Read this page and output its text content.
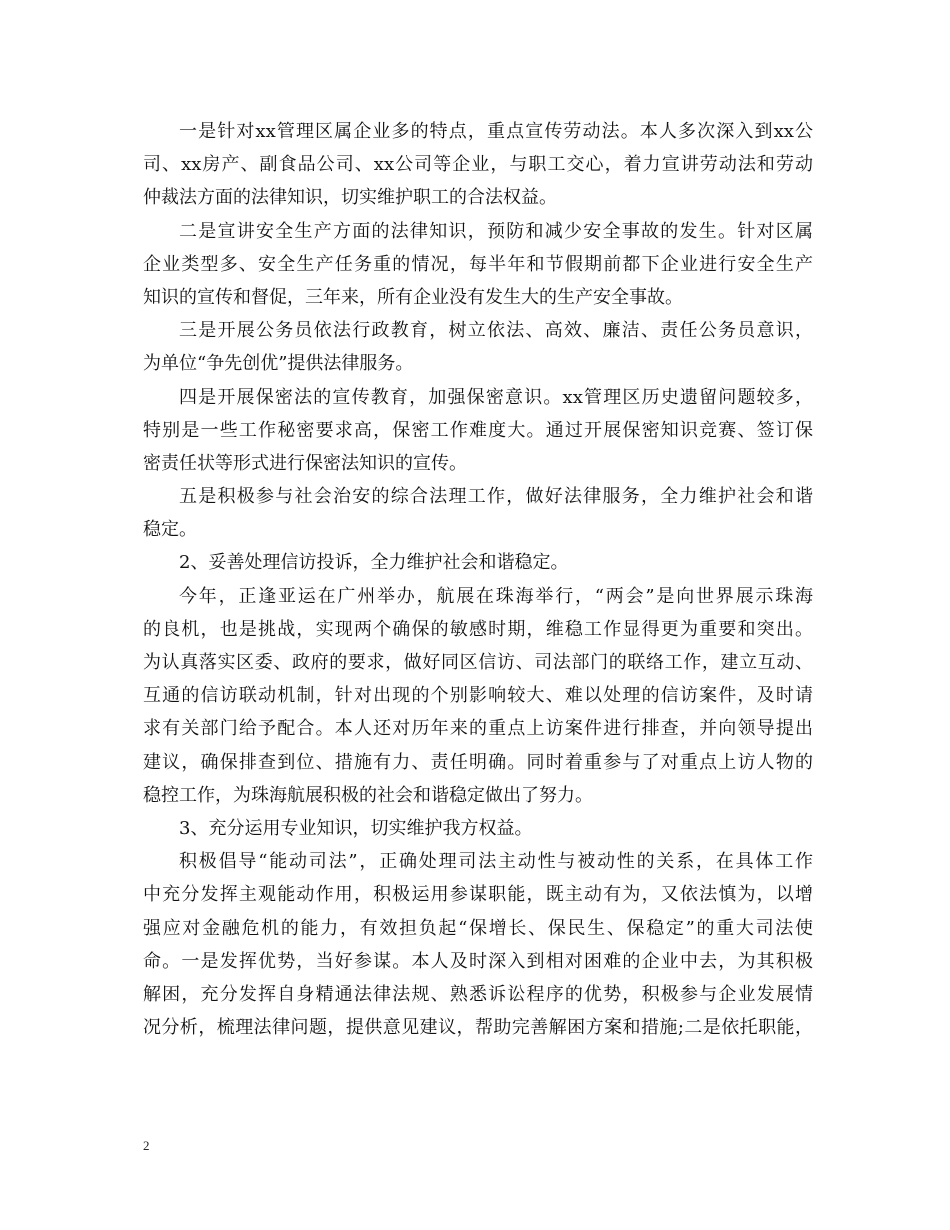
一是针对xx管理区属企业多的特点，重点宣传劳动法。本人多次深入到xx公
司、xx房产、副食品公司、xx公司等企业，与职工交心，着力宣讲劳动法和劳动
仲裁法方面的法律知识，切实维护职工的合法权益。
二是宣讲安全生产方面的法律知识，预防和减少安全事故的发生。针对区属
企业类型多、安全生产任务重的情况，每半年和节假期前都下企业进行安全生产
知识的宣传和督促，三年来，所有企业没有发生大的生产安全事故。
三是开展公务员依法行政教育，树立依法、高效、廉洁、责任公务员意识，
为单位“争先创优”提供法律服务。
四是开展保密法的宣传教育，加强保密意识。xx管理区历史遗留问题较多，
特别是一些工作秘密要求高，保密工作难度大。通过开展保密知识竞赛、签订保
密责任状等形式进行保密法知识的宣传。
五是积极参与社会治安的综合法理工作，做好法律服务，全力维护社会和谐
稳定。
2、妥善处理信访投诉，全力维护社会和谐稳定。
今年，正逢亚运在广州举办，航展在珠海举行，“两会”是向世界展示珠海
的良机，也是挑战，实现两个确保的敏感时期，维稳工作显得更为重要和突出。
为认真落实区委、政府的要求，做好同区信访、司法部门的联络工作，建立互动、
互通的信访联动机制，针对出现的个别影响较大、难以处理的信访案件，及时请
求有关部门给予配合。本人还对历年来的重点上访案件进行排查，并向领导提出
建议，确保排查到位、措施有力、责任明确。同时着重参与了对重点上访人物的
稳控工作，为珠海航展积极的社会和谐稳定做出了努力。
3、充分运用专业知识，切实维护我方权益。
积极倡导“能动司法”，正确处理司法主动性与被动性的关系，在具体工作
中充分发挥主观能动作用，积极运用参谋职能，既主动有为，又依法慎为，以增
强应对金融危机的能力，有效担负起“保增长、保民生、保稳定”的重大司法使
命。一是发挥优势，当好参谋。本人及时深入到相对困难的企业中去，为其积极
解困，充分发挥自身精通法律法规、熟悉诉讼程序的优势，积极参与企业发展情
况分析，梳理法律问题，提供意见建议，帮助完善解困方案和措施;二是依托职能，
2
